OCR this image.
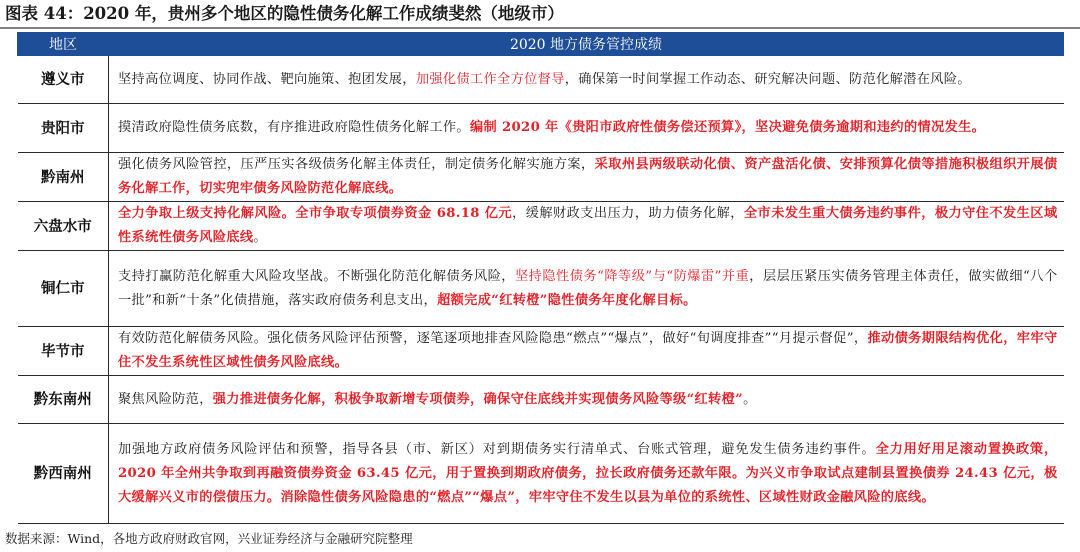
图表 44：2020 年，贵州多个地区的隐性债务化解工作成绩斐然（地级市）
地区	2020 地方债务管控成绩
遵义市	坚持高位调度、协同作战、靶向施策、抱团发展，加强化债工作全方位督导，确保第一时间掌握工作动态、研究解决问题、防范化解潜在风险。
贵阳市	摸清政府隐性债务底数，有序推进政府隐性债务化解工作。编制 2020 年《贵阳市政府性债务偿还预算》，坚决避免债务逾期和违约的情况发生。
黔南州	强化债务风险管控，压严压实各级债务化解主体责任，制定债务化解实施方案，采取州县两级联动化债、资产盘活化债、安排预算化债等措施积极组织开展债务化解工作，切实兜牢债务风险防范化解底线。
六盘水市	全力争取上级支持化解风险。全市争取专项债券资金 68.18 亿元，缓解财政支出压力，助力债务化解，全市未发生重大债务违约事件，极力守住不发生区域性系统性债务风险底线。
铜仁市	支持打赢防范化解重大风险攻坚战。不断强化防范化解债务风险，坚持隐性债务“降等级”与“防爆雷”并重，层层压紧压实债务管理主体责任，做实做细“八个一批”和新“十条”化债措施，落实政府债务利息支出，超额完成“红转橙”隐性债务年度化解目标。
毕节市	有效防范化解债务风险。强化债务风险评估预警，逐笔逐项地排查风险隐患“燃点”“爆点”，做好“旬调度排查”“月提示督促”，推动债务期限结构优化，牢牢守住不发生系统性区域性债务风险底线。
黔东南州	聚焦风险防范，强力推进债务化解，积极争取新增专项债券，确保守住底线并实现债务风险等级“红转橙”。
黔西南州	加强地方政府债务风险评估和预警，指导各县（市、新区）对到期债务实行清单式、台账式管理，避免发生债务违约事件。全力用好用足滚动置换政策，2020 年全州共争取到再融资债券资金 63.45 亿元，用于置换到期政府债务，拉长政府债务还款年限。为兴义市争取试点建制县置换债券 24.43 亿元，极大缓解兴义市的偿债压力。消除隐性债务风险隐患的“燃点”“爆点”，牢牢守住不发生以县为单位的系统性、区域性财政金融风险的底线。
数据来源：Wind，各地方政府财政官网，兴业证券经济与金融研究院整理
